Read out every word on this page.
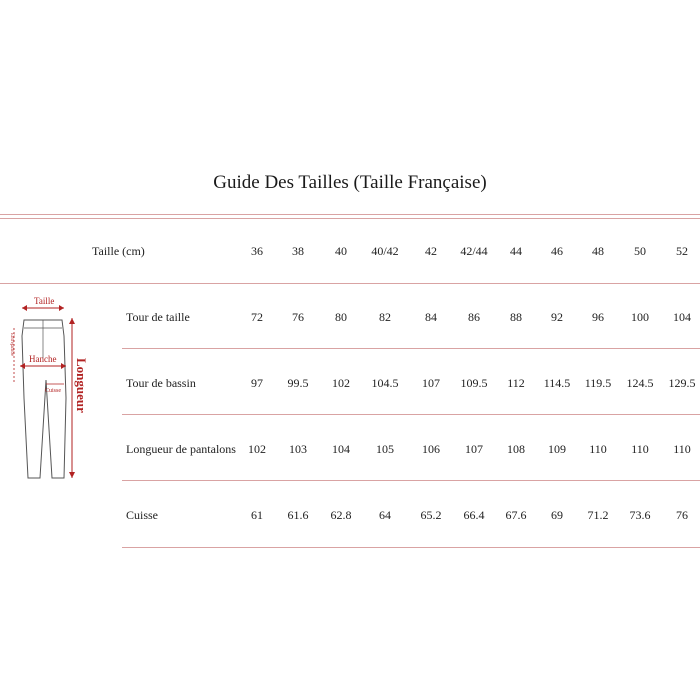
Guide Des Tailles (Taille Française)
Taille (cm)	36	38	40	40/42	42	42/44	44	46	48	50	52
Tour de taille	72	76	80	82	84	86	88	92	96	100	104
Tour de bassin	97	99.5	102	104.5	107	109.5	112	114.5	119.5	124.5	129.5
Longueur de pantalons	102	103	104	105	106	107	108	109	110	110	110
Cuisse	61	61.6	62.8	64	65.2	66.4	67.6	69	71.2	73.6	76
Taille
Hanche
Cuisse
Entrejambe
Longueur
